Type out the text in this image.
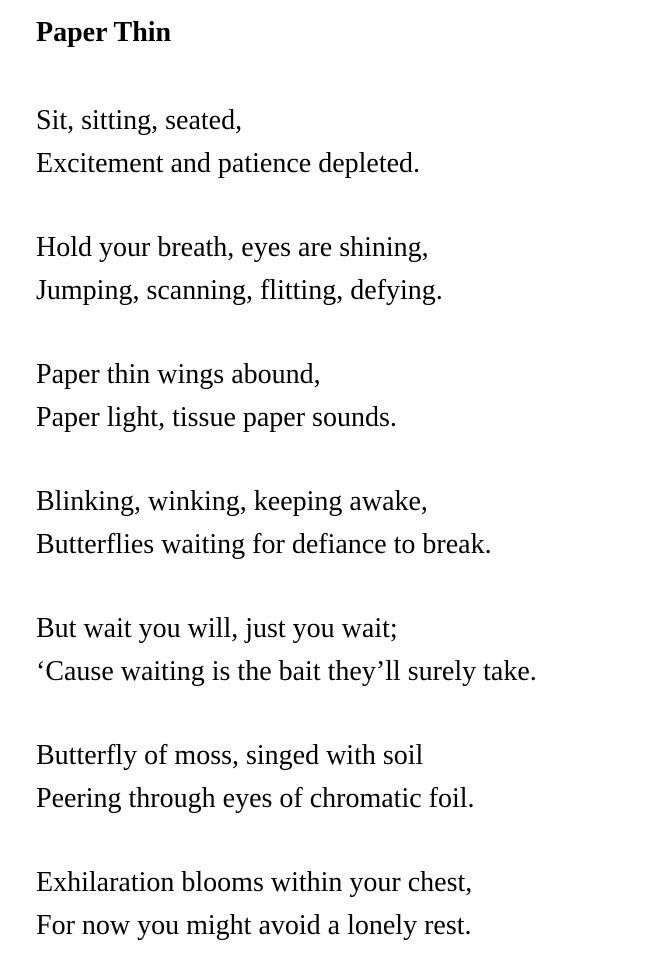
Paper Thin
Sit, sitting, seated,
Excitement and patience depleted.
Hold your breath, eyes are shining,
Jumping, scanning, flitting, defying.
Paper thin wings abound,
Paper light, tissue paper sounds.
Blinking, winking, keeping awake,
Butterflies waiting for defiance to break.
But wait you will, just you wait;
‘Cause waiting is the bait they’ll surely take.
Butterfly of moss, singed with soil
Peering through eyes of chromatic foil.
Exhilaration blooms within your chest,
For now you might avoid a lonely rest.
